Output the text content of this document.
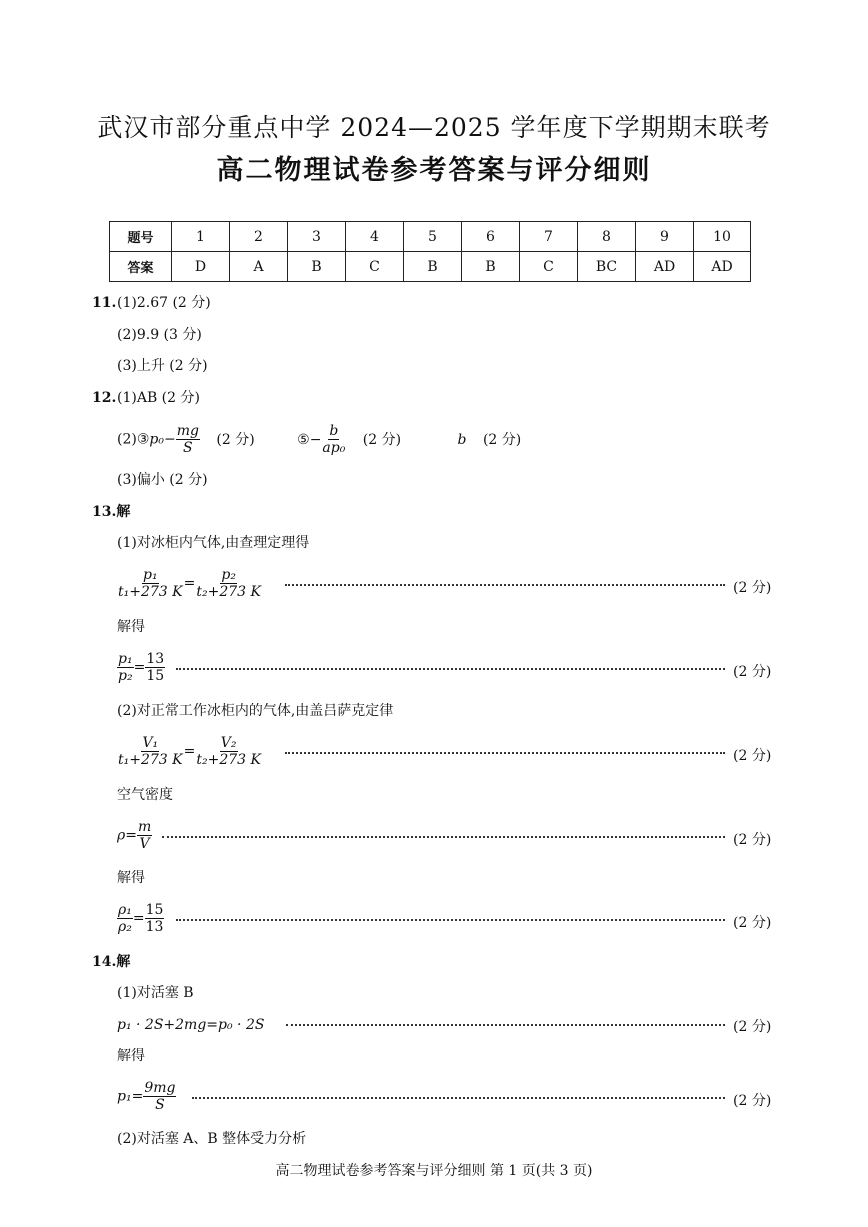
武汉市部分重点中学 2024—2025 学年度下学期期末联考
高二物理试卷参考答案与评分细则
题号	1	2	3	4	5	6	7	8	9	10
答案	D	A	B	C	B	B	C	BC	AD	AD
11. (1)2.67 (2 分)
(2)9.9 (3 分)
(3)上升 (2 分)
12. (1)AB (2 分)
(2)③p₀− $\frac{mg}{S} (2$ 分)	⑤− $\frac{b}{\text{ap₀}} (2$ 分)	b (2 分)
(3)偏小 (2 分)
13.解
(1)对冰柜内气体,由查理定理得
$\frac{\text{p₁}}{\text{t₁+273 K}} = \frac{\text{p₂}}{\text{t₂+273 K}}$	(2 分)
解得
$\frac{\text{p₁}}{\text{p₂}} = \frac{13}{15}$	(2 分)
(2)对正常工作冰柜内的气体,由盖吕萨克定律
$\frac{\text{V₁}}{\text{t₁+273 K}} = \frac{\text{V₂}}{\text{t₂+273 K}}$	(2 分)
空气密度
$\rho= \frac{m}{V}$	(2 分)
解得
$\frac{\text{ρ₁}}{\text{ρ₂}} = \frac{15}{13}$	(2 分)
14.解
(1)对活塞 B
p₁ · 2S+2mg=p₀ · 2S	(2 分)
解得
$p_1= \frac{9mg}{S}$	(2 分)
(2)对活塞 A、B 整体受力分析
高二物理试卷参考答案与评分细则 第 1 页(共 3 页)
